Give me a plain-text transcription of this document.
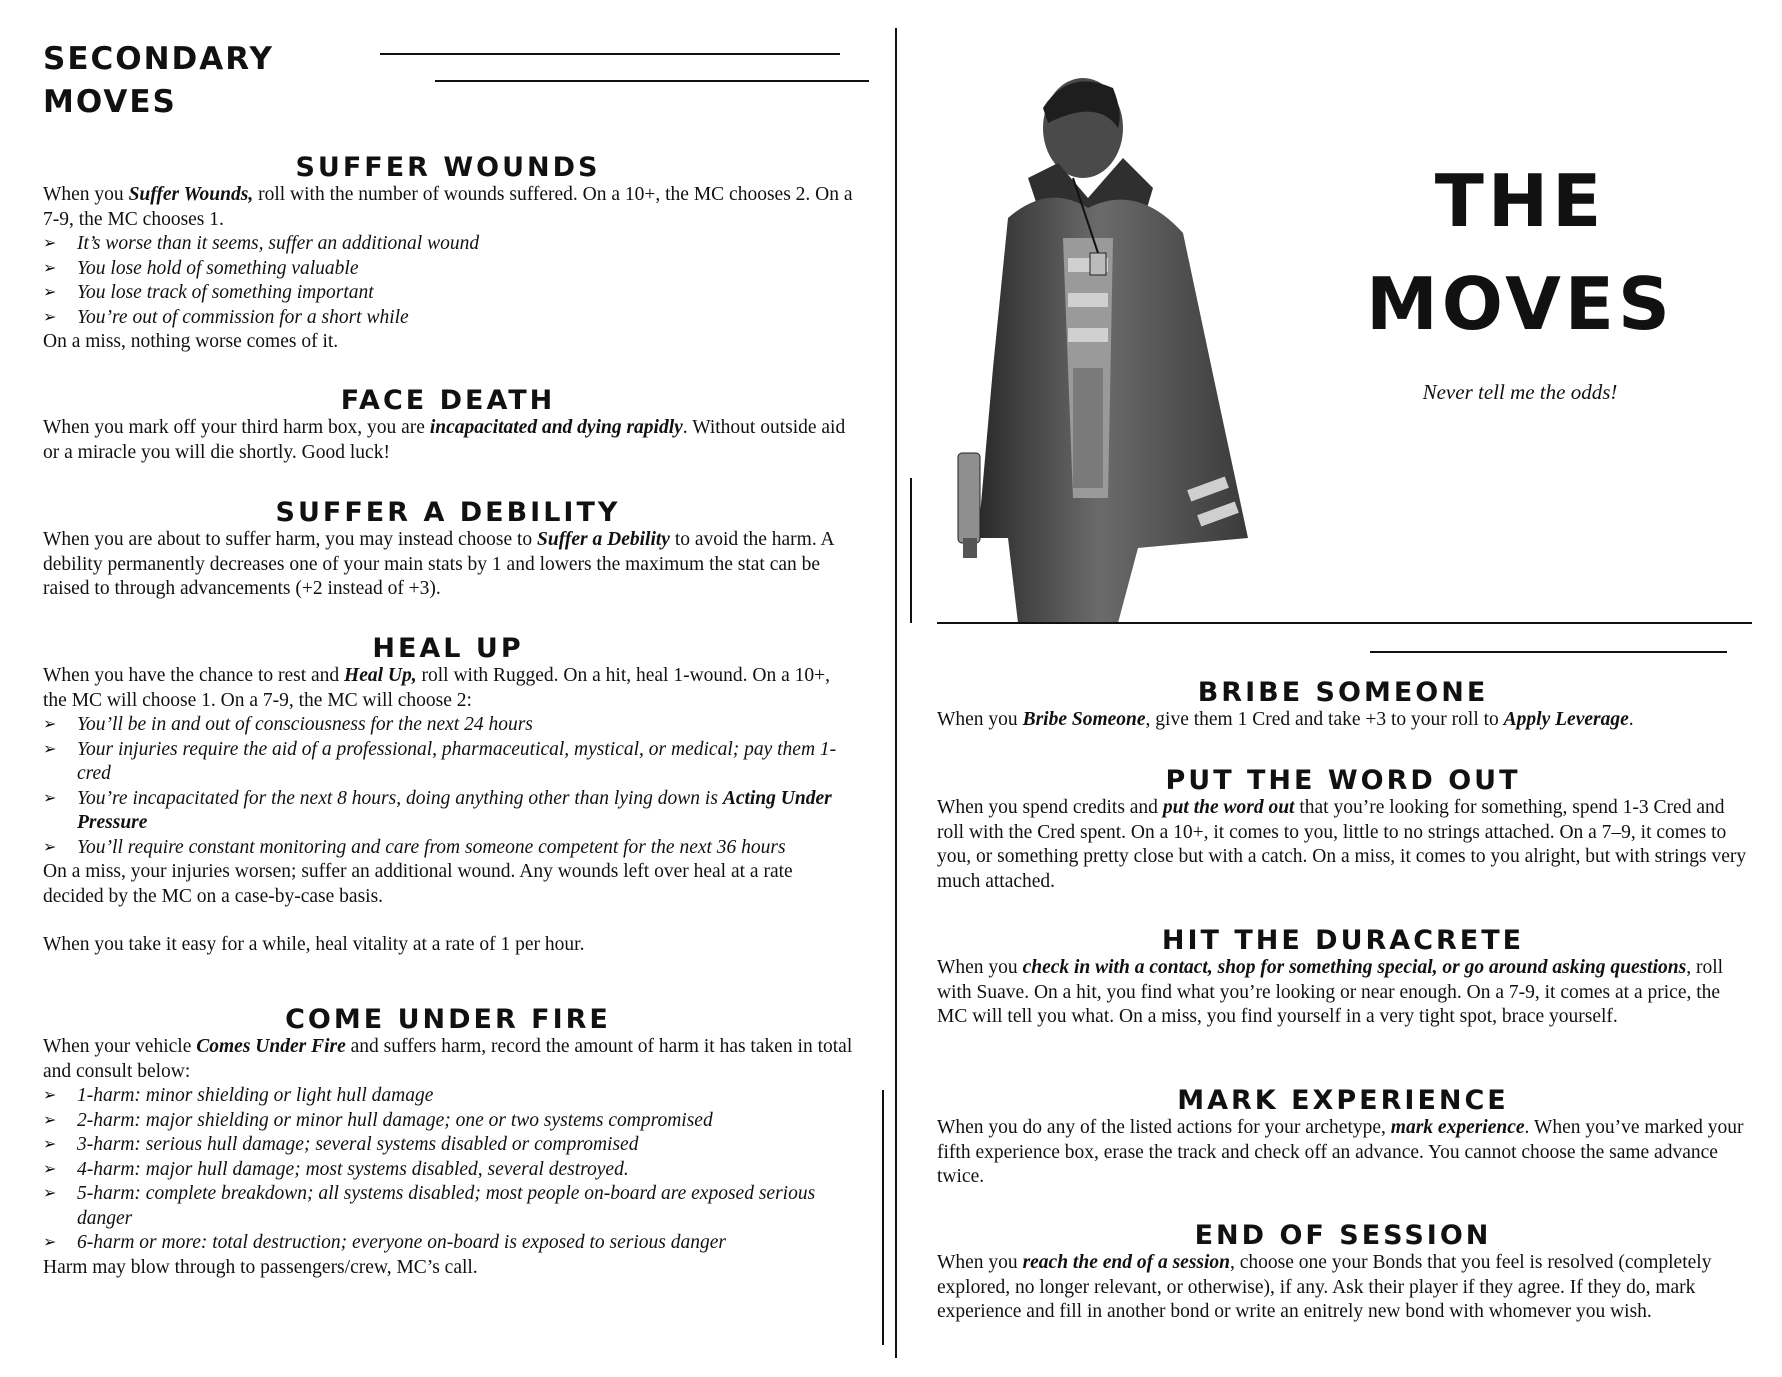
SECONDARY
MOVES
SUFFER WOUNDS

When you Suffer Wounds, roll with the number of wounds suffered. On a 10+, the MC chooses 2. On a 7-9, the MC chooses 1.

➢ It’s worse than it seems, suffer an additional wound
➢ You lose hold of something valuable
➢ You lose track of something important
➢ You’re out of commission for a short while

On a miss, nothing worse comes of it.

FACE DEATH

When you mark off your third harm box, you are incapacitated and dying rapidly. Without outside aid or a miracle you will die shortly. Good luck!

SUFFER A DEBILITY

When you are about to suffer harm, you may instead choose to Suffer a Debility to avoid the harm. A debility permanently decreases one of your main stats by 1 and lowers the maximum the stat can be raised to through advancements (+2 instead of +3).

HEAL UP

When you have the chance to rest and Heal Up, roll with Rugged. On a hit, heal 1-wound. On a 10+, the MC will choose 1. On a 7-9, the MC will choose 2:

➢ You’ll be in and out of consciousness for the next 24 hours
➢ Your injuries require the aid of a professional, pharmaceutical, mystical, or medical; pay them 1-cred
➢ You’re incapacitated for the next 8 hours, doing anything other than lying down is Acting Under Pressure
➢ You’ll require constant monitoring and care from someone competent for the next 36 hours

On a miss, your injuries worsen; suffer an additional wound. Any wounds left over heal at a rate decided by the MC on a case-by-case basis.

When you take it easy for a while, heal vitality at a rate of 1 per hour.

COME UNDER FIRE

When your vehicle Comes Under Fire and suffers harm, record the amount of harm it has taken in total and consult below:

➢ 1-harm: minor shielding or light hull damage
➢ 2-harm: major shielding or minor hull damage; one or two systems compromised
➢ 3-harm: serious hull damage; several systems disabled or compromised
➢ 4-harm: major hull damage; most systems disabled, several destroyed.
➢ 5-harm: complete breakdown; all systems disabled; most people on-board are exposed serious danger
➢ 6-harm or more: total destruction; everyone on-board is exposed to serious danger

Harm may blow through to passengers/crew, MC’s call.

THE
MOVES
Never tell me the odds!
BRIBE SOMEONE

When you Bribe Someone, give them 1 Cred and take +3 to your roll to Apply Leverage.

PUT THE WORD OUT

When you spend credits and put the word out that you’re looking for something, spend 1-3 Cred and roll with the Cred spent. On a 10+, it comes to you, little to no strings attached. On a 7–9, it comes to you, or something pretty close but with a catch. On a miss, it comes to you alright, but with strings very much attached.

HIT THE DURACRETE

When you check in with a contact, shop for something special, or go around asking questions, roll with Suave. On a hit, you find what you’re looking or near enough. On a 7-9, it comes at a price, the MC will tell you what. On a miss, you find yourself in a very tight spot, brace yourself.

MARK EXPERIENCE

When you do any of the listed actions for your archetype, mark experience. When you’ve marked your fifth experience box, erase the track and check off an advance. You cannot choose the same advance twice.

END OF SESSION

When you reach the end of a session, choose one your Bonds that you feel is resolved (completely explored, no longer relevant, or otherwise), if any. Ask their player if they agree. If they do, mark experience and fill in another bond or write an enitrely new bond with whomever you wish.
